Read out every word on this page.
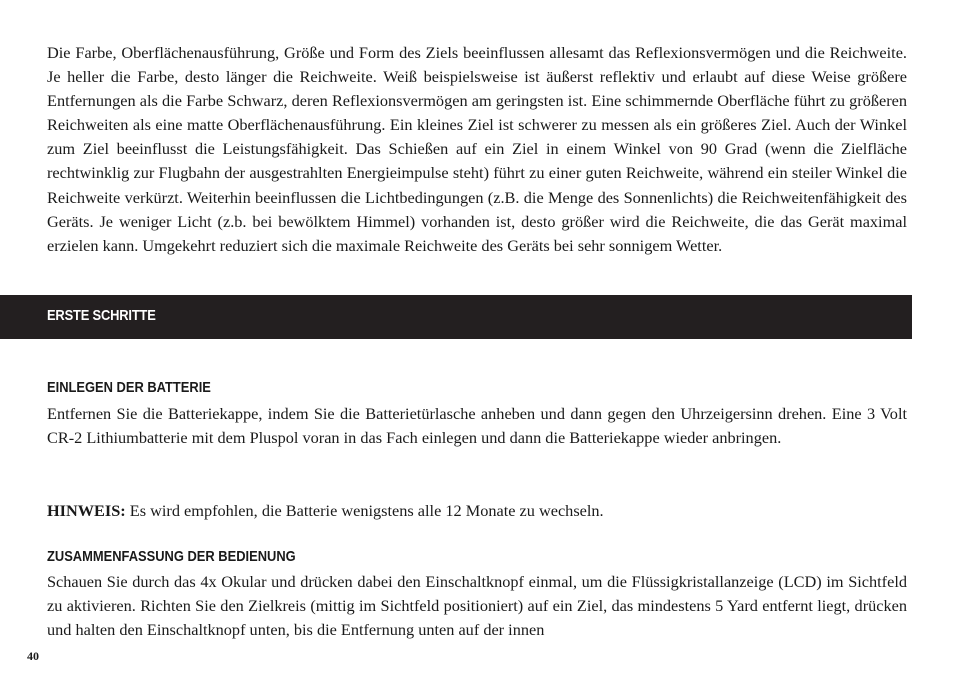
Die Farbe, Oberflächenausführung, Größe und Form des Ziels beeinflussen allesamt das Reflexionsvermögen und die Reichweite. Je heller die Farbe, desto länger die Reichweite. Weiß beispielsweise ist äußerst reflektiv und erlaubt auf diese Weise größere Entfernungen als die Farbe Schwarz, deren Reflexionsvermögen am geringsten ist. Eine schimmernde Oberfläche führt zu größeren Reichweiten als eine matte Oberflächenausführung. Ein kleines Ziel ist schwerer zu messen als ein größeres Ziel. Auch der Winkel zum Ziel beeinflusst die Leistungsfähigkeit. Das Schießen auf ein Ziel in einem Winkel von 90 Grad (wenn die Zielfläche rechtwinklig zur Flugbahn der ausgestrahlten Energieimpulse steht) führt zu einer guten Reichweite, während ein steiler Winkel die Reichweite verkürzt. Weiterhin beeinflussen die Lichtbedingungen (z.B. die Menge des Sonnenlichts) die Reichweitenfähigkeit des Geräts. Je weniger Licht (z.b. bei bewölktem Himmel) vorhanden ist, desto größer wird die Reichweite, die das Gerät maximal erzielen kann. Umgekehrt reduziert sich die maximale Reichweite des Geräts bei sehr sonnigem Wetter.

ERSTE SCHRITTE
EINLEGEN DER BATTERIE

Entfernen Sie die Batteriekappe, indem Sie die Batterietürlasche anheben und dann gegen den Uhrzeigersinn drehen. Eine 3 Volt CR-2 Lithiumbatterie mit dem Pluspol voran in das Fach einlegen und dann die Batteriekappe wieder anbringen.

HINWEIS: Es wird empfohlen, die Batterie wenigstens alle 12 Monate zu wechseln.

ZUSAMMENFASSUNG DER BEDIENUNG

Schauen Sie durch das 4x Okular und drücken dabei den Einschaltknopf einmal, um die Flüssigkristallanzeige (LCD) im Sichtfeld zu aktivieren. Richten Sie den Zielkreis (mittig im Sichtfeld positioniert) auf ein Ziel, das mindestens 5 Yard entfernt liegt, drücken und halten den Einschaltknopf unten, bis die Entfernung unten auf der innen

40
